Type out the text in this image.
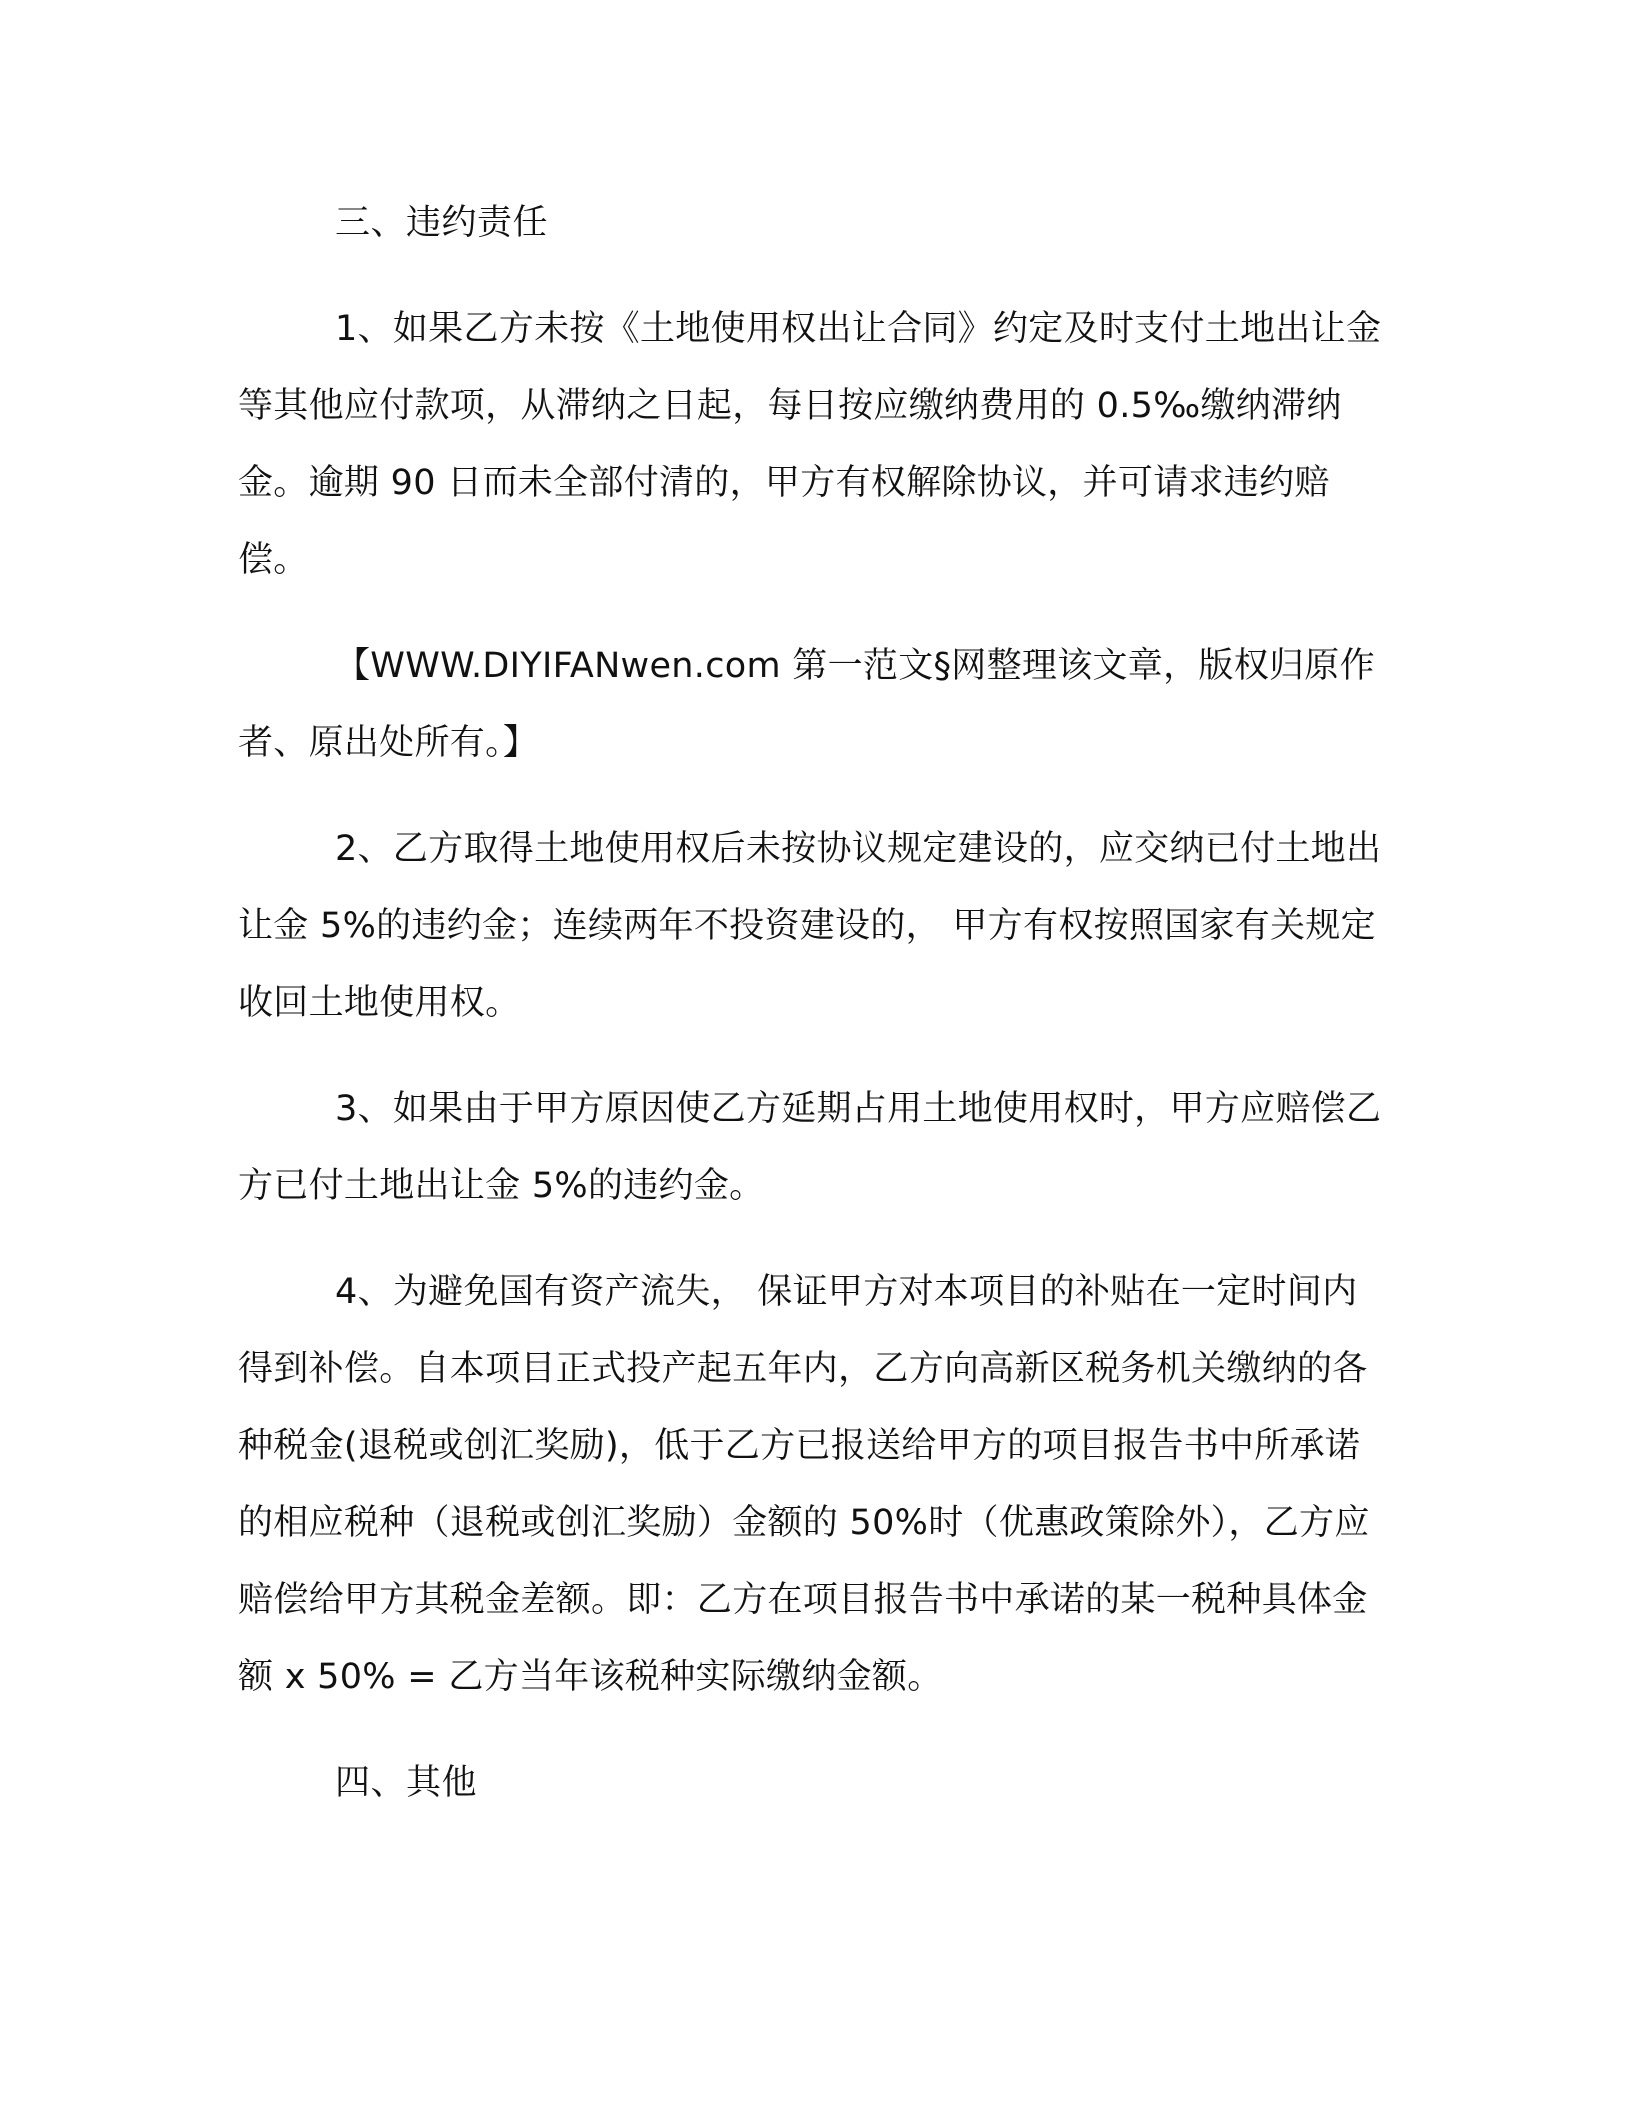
三、违约责任

1、如果乙方未按《土地使用权出让合同》约定及时支付土地出让金等其他应付款项，从滞纳之日起，每日按应缴纳费用的 0.5‰缴纳滞纳金。逾期 90 日而未全部付清的，甲方有权解除协议，并可请求违约赔偿。

【WWW.DIYIFANwen.com 第一范文§网整理该文章，版权归原作者、原出处所有。】

2、乙方取得土地使用权后未按协议规定建设的，应交纳已付土地出让金 5%的违约金；连续两年不投资建设的， 甲方有权按照国家有关规定收回土地使用权。

3、如果由于甲方原因使乙方延期占用土地使用权时，甲方应赔偿乙方已付土地出让金 5%的违约金。

4、为避免国有资产流失， 保证甲方对本项目的补贴在一定时间内得到补偿。自本项目正式投产起五年内，乙方向高新区税务机关缴纳的各种税金(退税或创汇奖励)，低于乙方已报送给甲方的项目报告书中所承诺的相应税种（退税或创汇奖励）金额的 50%时（优惠政策除外），乙方应赔偿给甲方其税金差额。即：乙方在项目报告书中承诺的某一税种具体金额 x 50% = 乙方当年该税种实际缴纳金额。

四、其他
